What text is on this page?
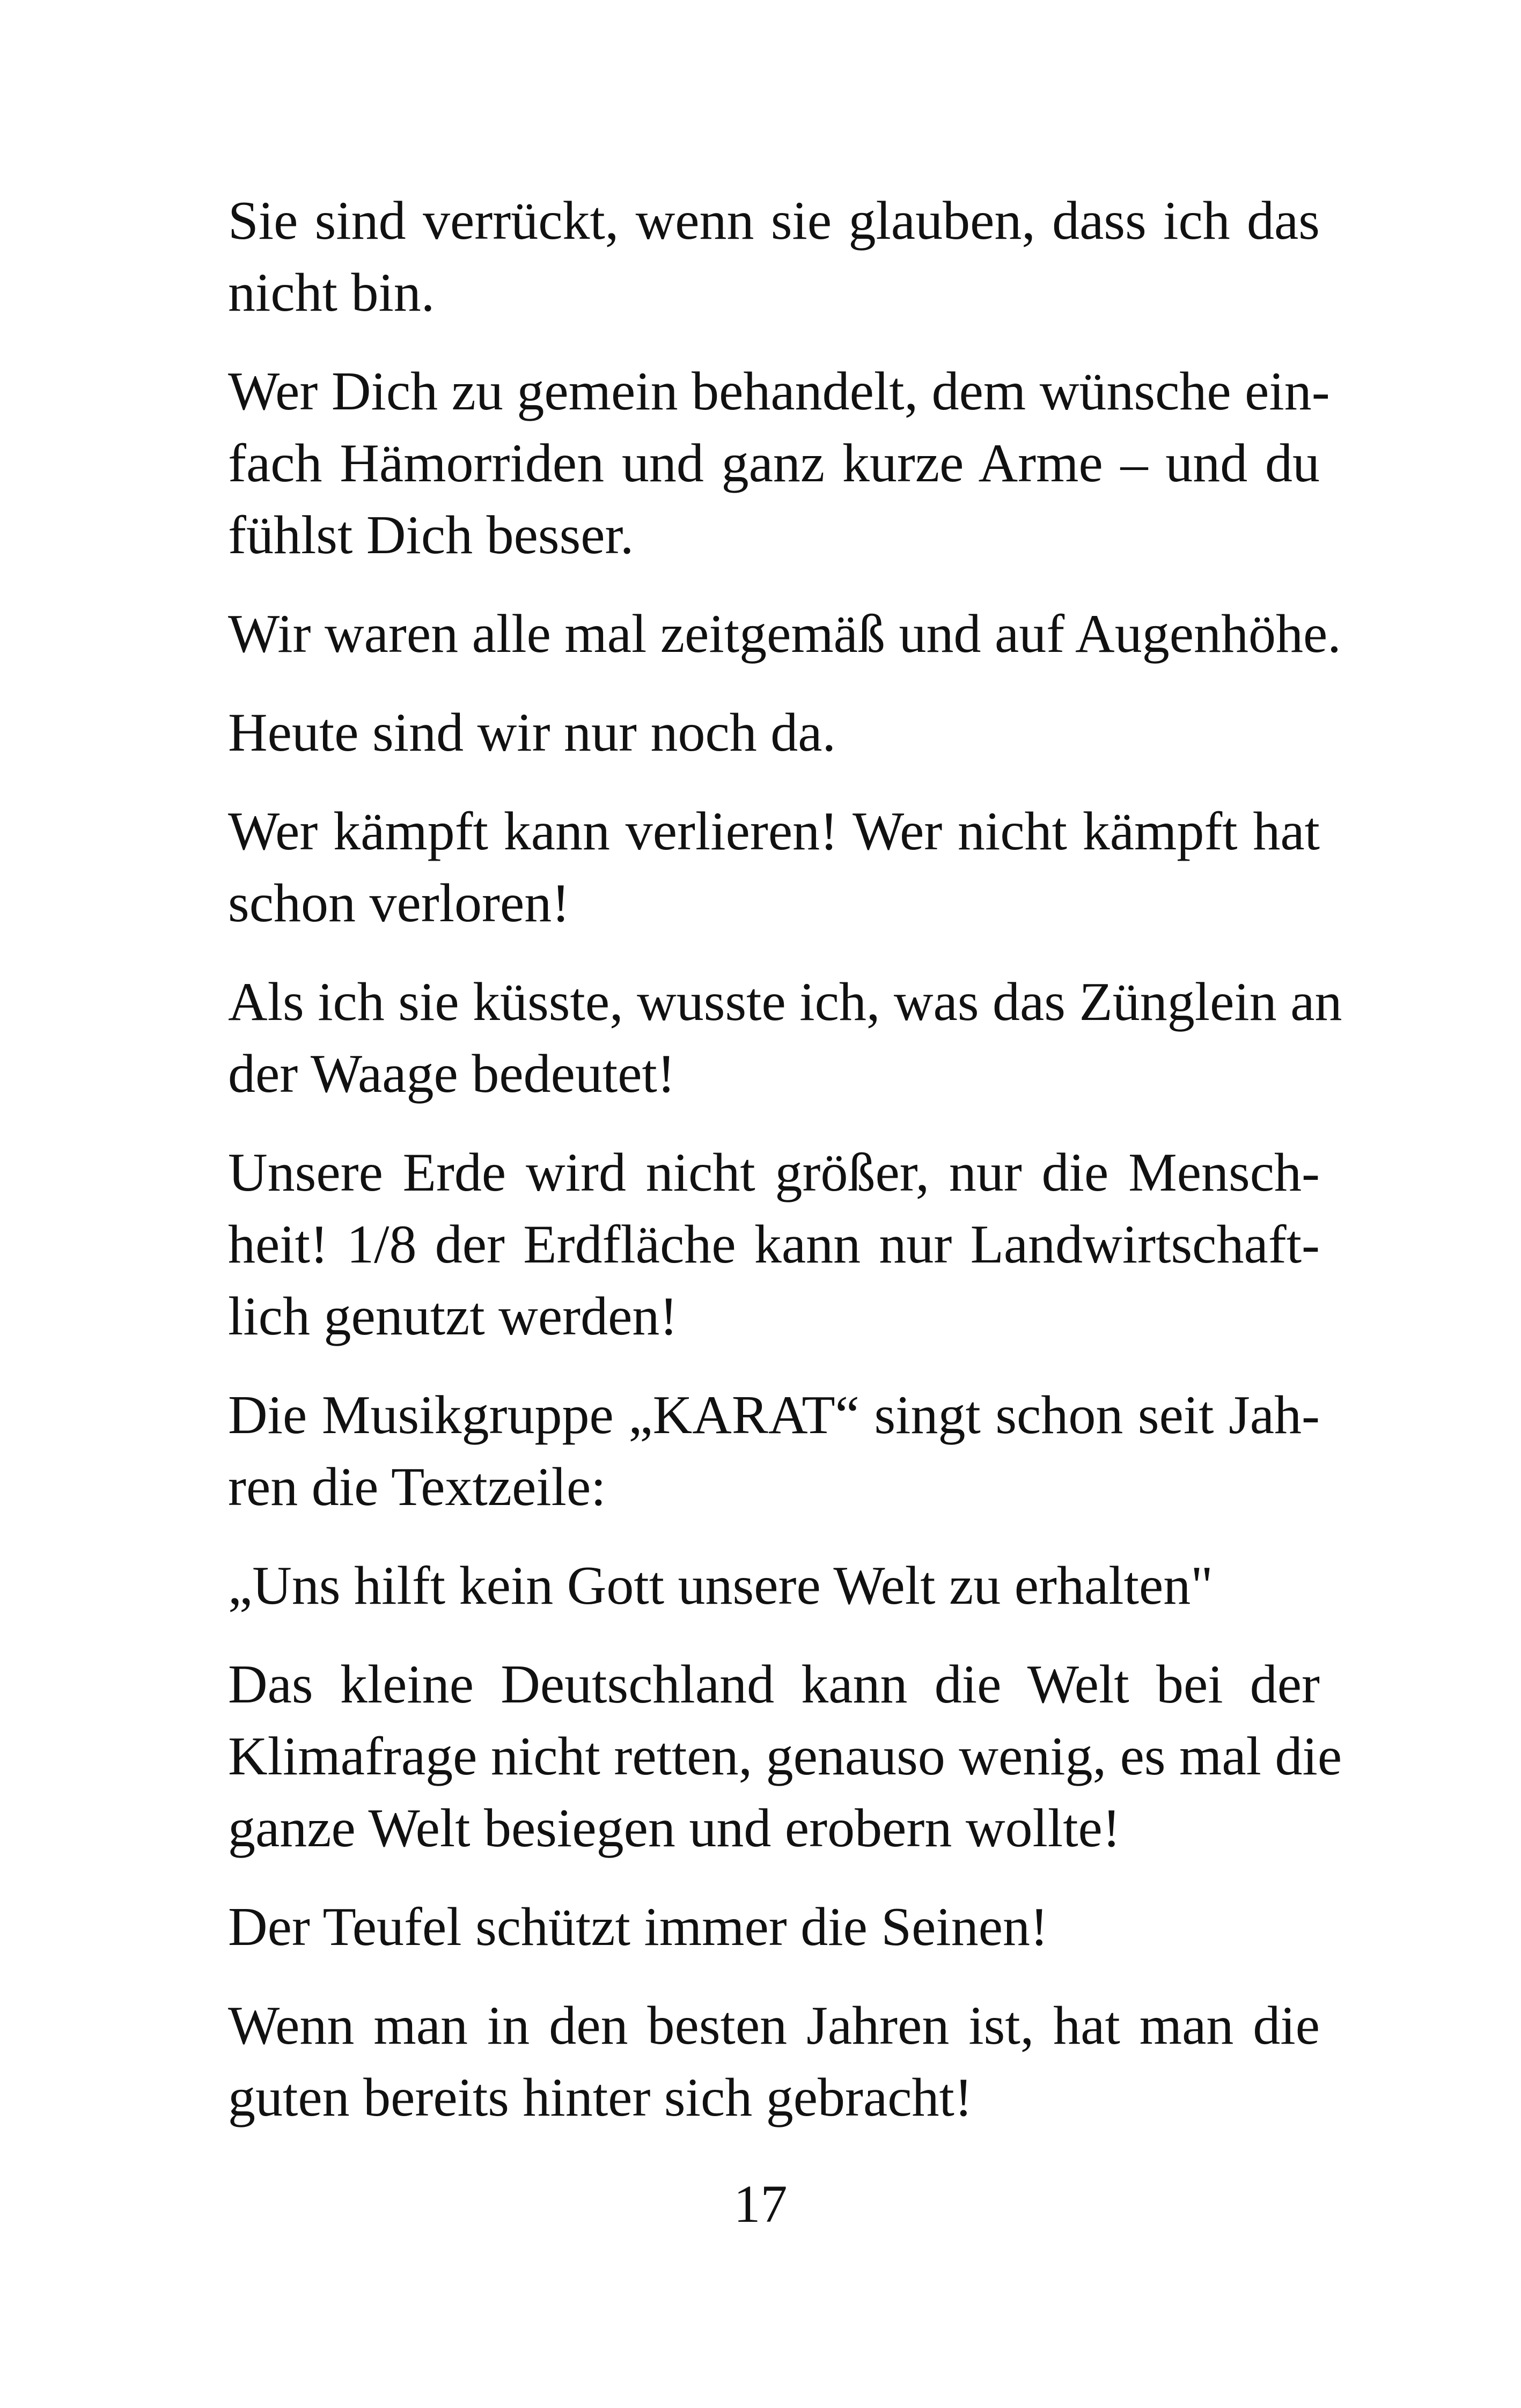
Sie sind verrückt, wenn sie glauben, dass ich das
nicht bin.

Wer Dich zu gemein behandelt, dem wünsche ein-
fach Hämorriden und ganz kurze Arme – und du
fühlst Dich besser.

Wir waren alle mal zeitgemäß und auf Augenhöhe.

Heute sind wir nur noch da.

Wer kämpft kann verlieren! Wer nicht kämpft hat
schon verloren!

Als ich sie küsste, wusste ich, was das Zünglein an
der Waage bedeutet!

Unsere Erde wird nicht größer, nur die Mensch-
heit! 1/8 der Erdfläche kann nur Landwirtschaft-
lich genutzt werden!

Die Musikgruppe „KARAT“ singt schon seit Jah-
ren die Textzeile:

„Uns hilft kein Gott unsere Welt zu erhalten"

Das kleine Deutschland kann die Welt bei der
Klimafrage nicht retten, genauso wenig, es mal die
ganze Welt besiegen und erobern wollte!

Der Teufel schützt immer die Seinen!

Wenn man in den besten Jahren ist, hat man die
guten bereits hinter sich gebracht!

17
